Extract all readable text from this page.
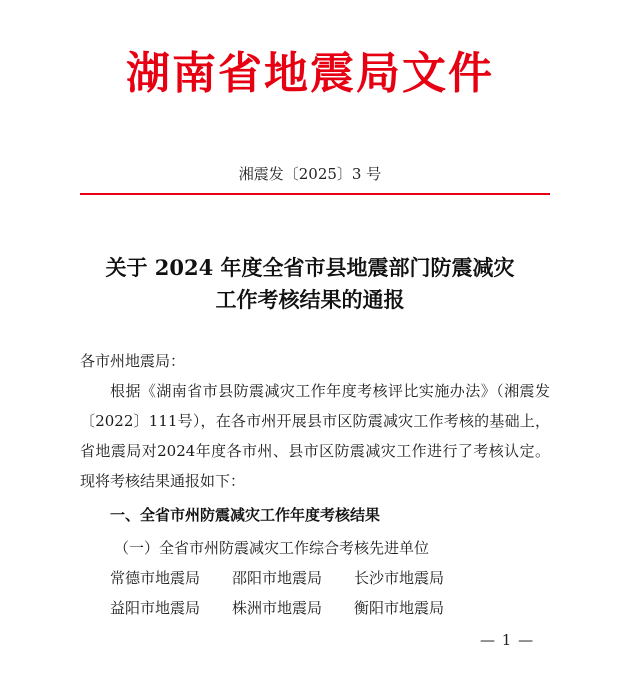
湖南省地震局文件
湘震发〔2025〕3 号
关于 2024 年度全省市县地震部门防震减灾
工作考核结果的通报
各市州地震局：
根据《湖南省市县防震减灾工作年度考核评比实施办法》（湘震发〔2022〕111号），在各市州开展县市区防震减灾工作考核的基础上，省地震局对2024年度各市州、县市区防震减灾工作进行了考核认定。现将考核结果通报如下：
一、全省市州防震减灾工作年度考核结果
（一）全省市州防震减灾工作综合考核先进单位
常德市地震局	邵阳市地震局	长沙市地震局
益阳市地震局	株洲市地震局	衡阳市地震局
— 1 —
